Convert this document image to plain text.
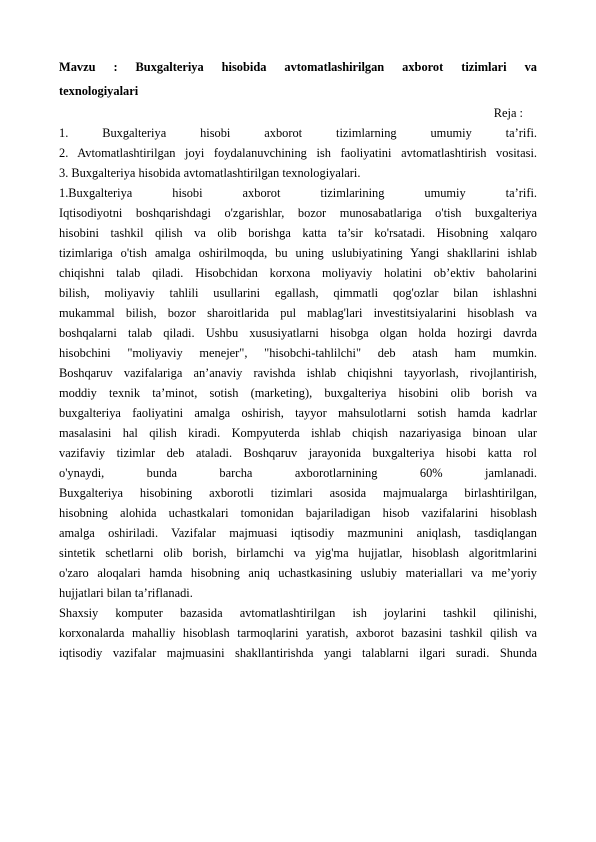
Mavzu : Buxgalteriya hisobida avtomatlashirilgan axborot tizimlari va

texnologiyalari

Reja :

1. Buxgalteriya hisobi axborot tizimlarning umumiy ta’rifi.

2. Avtomatlashtirilgan joyi foydalanuvchining ish faoliyatini avtomatlashtirish vositasi.

3. Buxgalteriya hisobida avtomatlashtirilgan texnologiyalari.

1.Buxgalteriya hisobi axborot tizimlarining umumiy ta’rifi.

Iqtisodiyotni boshqarishdagi o'zgarishlar, bozor munosabatlariga o'tish buxgalteriya

hisobini tashkil qilish va olib borishga katta ta’sir ko'rsatadi. Hisobning xalqaro

tizimlariga o'tish amalga oshirilmoqda, bu uning uslubiyatining Yangi shakllarini ishlab

chiqishni talab qiladi. Hisobchidan korxona moliyaviy holatini ob’ektiv baholarini

bilish, moliyaviy tahlili usullarini egallash, qimmatli qog'ozlar bilan ishlashni

mukammal bilish, bozor sharoitlarida pul mablag'lari investitsiyalarini hisoblash va

boshqalarni talab qiladi. Ushbu xususiyatlarni hisobga olgan holda hozirgi davrda

hisobchini "moliyaviy menejer", "hisobchi-tahlilchi" deb atash ham mumkin.

Boshqaruv vazifalariga an’anaviy ravishda ishlab chiqishni tayyorlash, rivojlantirish,

moddiy texnik ta’minot, sotish (marketing), buxgalteriya hisobini olib borish va

buxgalteriya faoliyatini amalga oshirish, tayyor mahsulotlarni sotish hamda kadrlar

masalasini hal qilish kiradi. Kompyuterda ishlab chiqish nazariyasiga binoan ular

vazifaviy tizimlar deb ataladi. Boshqaruv jarayonida buxgalteriya hisobi katta rol

o'ynaydi, bunda barcha axborotlarnining 60% jamlanadi.

Buxgalteriya hisobining axborotli tizimlari asosida majmualarga birlashtirilgan,

hisobning alohida uchastkalari tomonidan bajariladigan hisob vazifalarini hisoblash

amalga oshiriladi. Vazifalar majmuasi iqtisodiy mazmunini aniqlash, tasdiqlangan

sintetik schetlarni olib borish, birlamchi va yig'ma hujjatlar, hisoblash algoritmlarini

o'zaro aloqalari hamda hisobning aniq uchastkasining uslubiy materiallari va me’yoriy

hujjatlari bilan ta’riflanadi.

Shaxsiy komputer bazasida avtomatlashtirilgan ish joylarini tashkil qilinishi,

korxonalarda mahalliy hisoblash tarmoqlarini yaratish, axborot bazasini tashkil qilish va

iqtisodiy vazifalar majmuasini shakllantirishda yangi talablarni ilgari suradi. Shunda
